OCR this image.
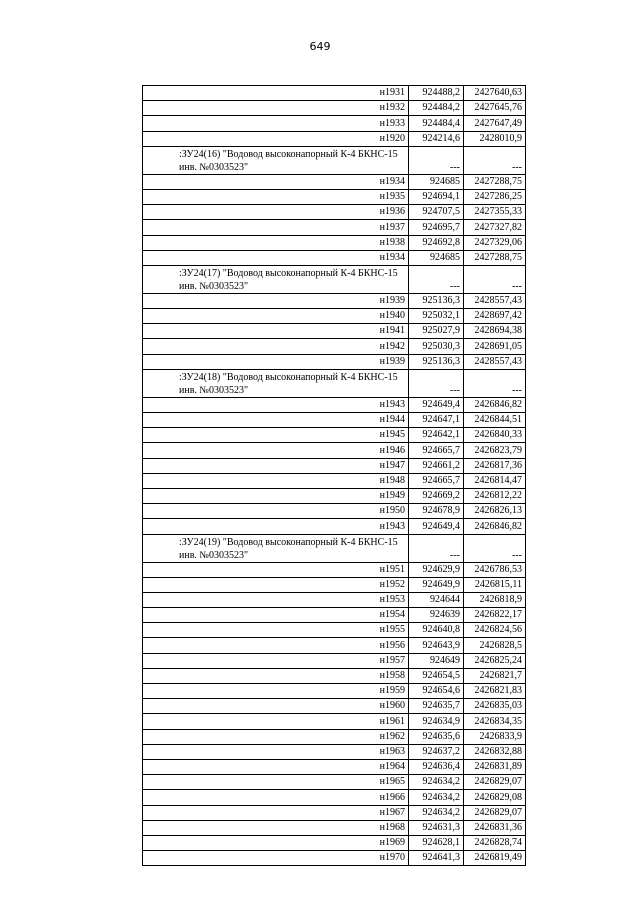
649
н1931	924488,2	2427640,63
н1932	924484,2	2427645,76
н1933	924484,4	2427647,49
н1920	924214,6	2428010,9
:ЗУ24(16) "Водовод высоконапорный К-4 БКНС-15 инв. №0303523"	---	---
н1934	924685	2427288,75
н1935	924694,1	2427286,25
н1936	924707,5	2427355,33
н1937	924695,7	2427327,82
н1938	924692,8	2427329,06
н1934	924685	2427288,75
:ЗУ24(17) "Водовод высоконапорный К-4 БКНС-15 инв. №0303523"	---	---
н1939	925136,3	2428557,43
н1940	925032,1	2428697,42
н1941	925027,9	2428694,38
н1942	925030,3	2428691,05
н1939	925136,3	2428557,43
:ЗУ24(18) "Водовод высоконапорный К-4 БКНС-15 инв. №0303523"	---	---
н1943	924649,4	2426846,82
н1944	924647,1	2426844,51
н1945	924642,1	2426840,33
н1946	924665,7	2426823,79
н1947	924661,2	2426817,36
н1948	924665,7	2426814,47
н1949	924669,2	2426812,22
н1950	924678,9	2426826,13
н1943	924649,4	2426846,82
:ЗУ24(19) "Водовод высоконапорный К-4 БКНС-15 инв. №0303523"	---	---
н1951	924629,9	2426786,53
н1952	924649,9	2426815,11
н1953	924644	2426818,9
н1954	924639	2426822,17
н1955	924640,8	2426824,56
н1956	924643,9	2426828,5
н1957	924649	2426825,24
н1958	924654,5	2426821,7
н1959	924654,6	2426821,83
н1960	924635,7	2426835,03
н1961	924634,9	2426834,35
н1962	924635,6	2426833,9
н1963	924637,2	2426832,88
н1964	924636,4	2426831,89
н1965	924634,2	2426829,07
н1966	924634,2	2426829,08
н1967	924634,2	2426829,07
н1968	924631,3	2426831,36
н1969	924628,1	2426828,74
н1970	924641,3	2426819,49
